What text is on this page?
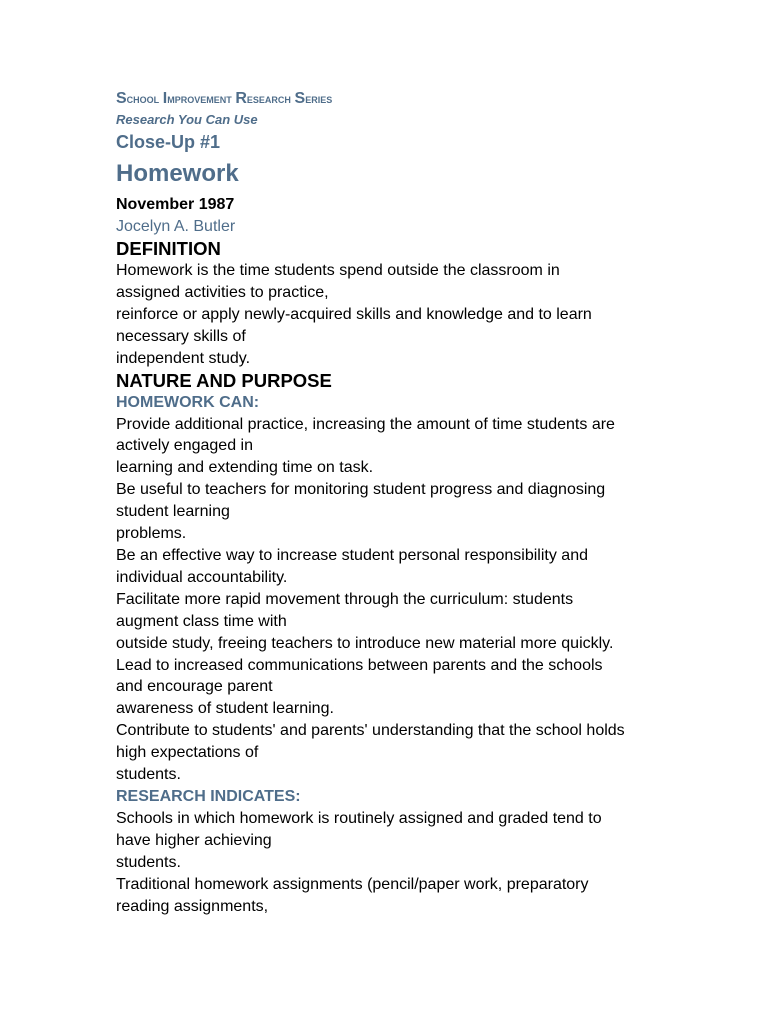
School Improvement Research Series
Research You Can Use
Close-Up #1
Homework
November 1987
Jocelyn A. Butler
DEFINITION
Homework is the time students spend outside the classroom in
assigned activities to practice,
reinforce or apply newly-acquired skills and knowledge and to learn
necessary skills of
independent study.
NATURE AND PURPOSE
HOMEWORK CAN:
Provide additional practice, increasing the amount of time students are
actively engaged in
learning and extending time on task.
Be useful to teachers for monitoring student progress and diagnosing
student learning
problems.
Be an effective way to increase student personal responsibility and
individual accountability.
Facilitate more rapid movement through the curriculum: students
augment class time with
outside study, freeing teachers to introduce new material more quickly.
Lead to increased communications between parents and the schools
and encourage parent
awareness of student learning.
Contribute to students' and parents' understanding that the school holds
high expectations of
students.
RESEARCH INDICATES:
Schools in which homework is routinely assigned and graded tend to
have higher achieving
students.
Traditional homework assignments (pencil/paper work, preparatory
reading assignments,
